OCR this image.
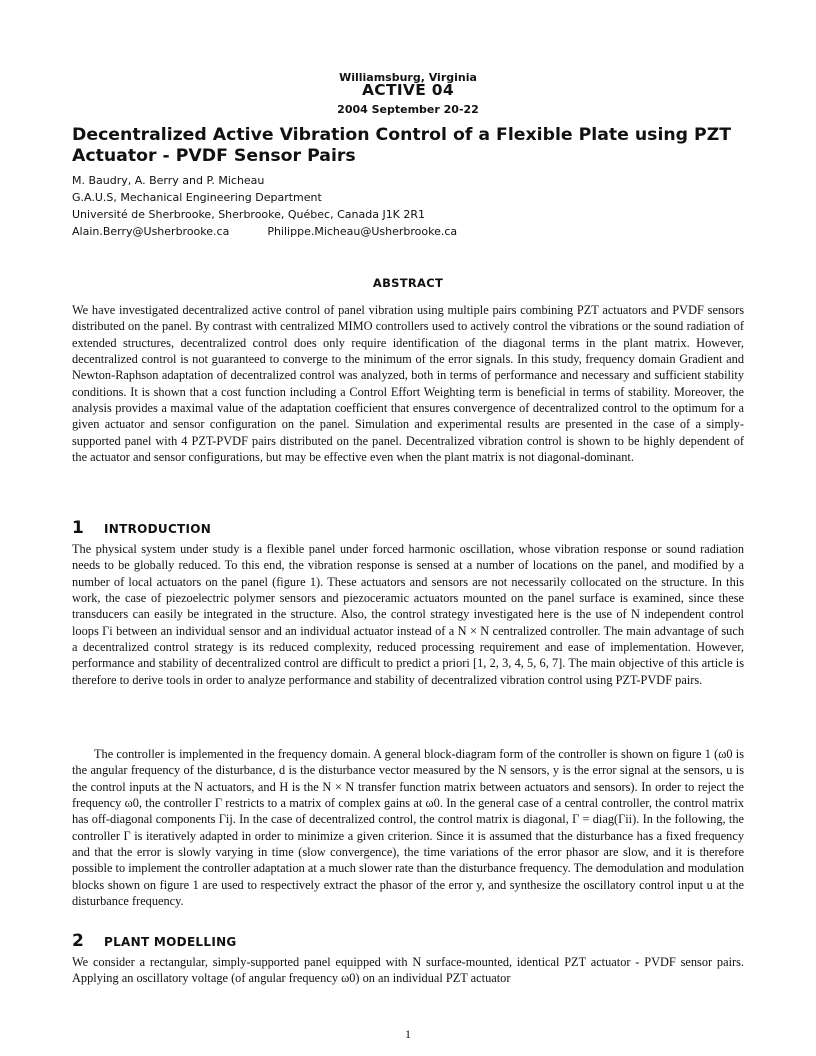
Williamsburg, Virginia
ACTIVE 04
2004 September 20-22
Decentralized Active Vibration Control of a Flexible Plate using PZT Actuator - PVDF Sensor Pairs
M. Baudry, A. Berry and P. Micheau
G.A.U.S, Mechanical Engineering Department
Université de Sherbrooke, Sherbrooke, Québec, Canada J1K 2R1
Alain.Berry@Usherbrooke.ca	Philippe.Micheau@Usherbrooke.ca
ABSTRACT
We have investigated decentralized active control of panel vibration using multiple pairs combining PZT actuators and PVDF sensors distributed on the panel. By contrast with centralized MIMO controllers used to actively control the vibrations or the sound radiation of extended structures, decentralized control does only require identification of the diagonal terms in the plant matrix. However, decentralized control is not guaranteed to converge to the minimum of the error signals. In this study, frequency domain Gradient and Newton-Raphson adaptation of decentralized control was analyzed, both in terms of performance and necessary and sufficient stability conditions. It is shown that a cost function including a Control Effort Weighting term is beneficial in terms of stability. Moreover, the analysis provides a maximal value of the adaptation coefficient that ensures convergence of decentralized control to the optimum for a given actuator and sensor configuration on the panel. Simulation and experimental results are presented in the case of a simply-supported panel with 4 PZT-PVDF pairs distributed on the panel. Decentralized vibration control is shown to be highly dependent of the actuator and sensor configurations, but may be effective even when the plant matrix is not diagonal-dominant.
1	INTRODUCTION
The physical system under study is a flexible panel under forced harmonic oscillation, whose vibration response or sound radiation needs to be globally reduced. To this end, the vibration response is sensed at a number of locations on the panel, and modified by a number of local actuators on the panel (figure 1). These actuators and sensors are not necessarily collocated on the structure. In this work, the case of piezoelectric polymer sensors and piezoceramic actuators mounted on the panel surface is examined, since these transducers can easily be integrated in the structure. Also, the control strategy investigated here is the use of N independent control loops Γi between an individual sensor and an individual actuator instead of a N × N centralized controller. The main advantage of such a decentralized control strategy is its reduced complexity, reduced processing requirement and ease of implementation. However, performance and stability of decentralized control are difficult to predict a priori [1, 2, 3, 4, 5, 6, 7]. The main objective of this article is therefore to derive tools in order to analyze performance and stability of decentralized vibration control using PZT-PVDF pairs.
The controller is implemented in the frequency domain. A general block-diagram form of the controller is shown on figure 1 (ω0 is the angular frequency of the disturbance, d is the disturbance vector measured by the N sensors, y is the error signal at the sensors, u is the control inputs at the N actuators, and H is the N × N transfer function matrix between actuators and sensors). In order to reject the frequency ω0, the controller Γ restricts to a matrix of complex gains at ω0. In the general case of a central controller, the control matrix has off-diagonal components Γij. In the case of decentralized control, the control matrix is diagonal, Γ = diag(Γii). In the following, the controller Γ is iteratively adapted in order to minimize a given criterion. Since it is assumed that the disturbance has a fixed frequency and that the error is slowly varying in time (slow convergence), the time variations of the error phasor are slow, and it is therefore possible to implement the controller adaptation at a much slower rate than the disturbance frequency. The demodulation and modulation blocks shown on figure 1 are used to respectively extract the phasor of the error y, and synthesize the oscillatory control input u at the disturbance frequency.
2	PLANT MODELLING
We consider a rectangular, simply-supported panel equipped with N surface-mounted, identical PZT actuator - PVDF sensor pairs. Applying an oscillatory voltage (of angular frequency ω0) on an individual PZT actuator
1
